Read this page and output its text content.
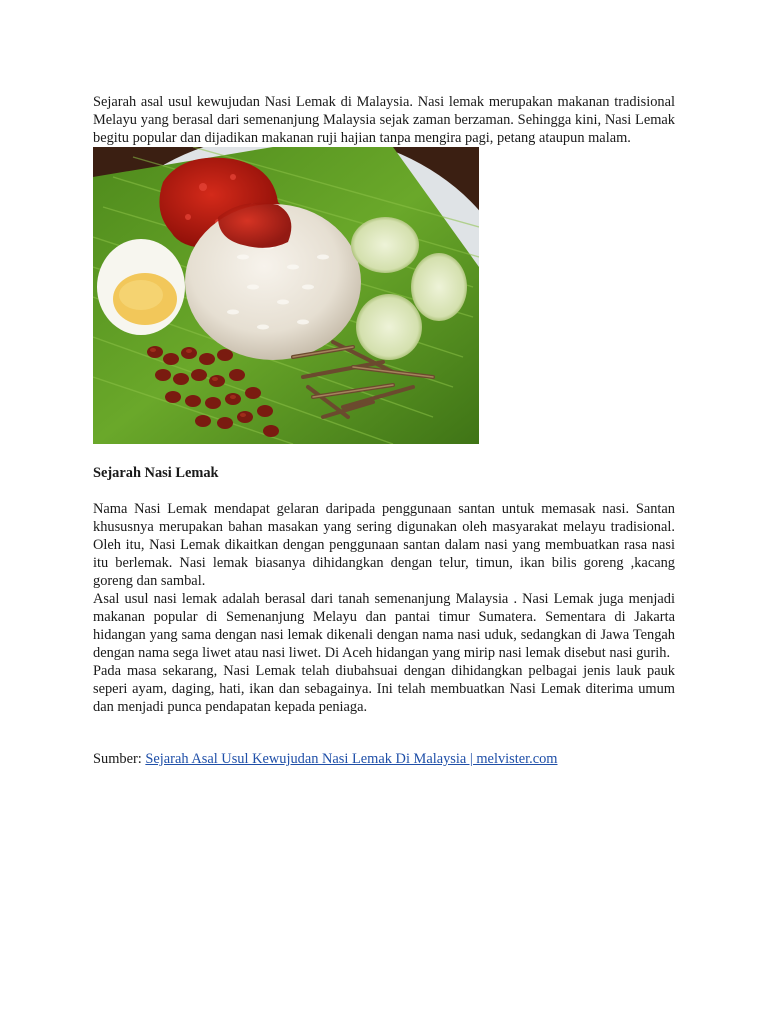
Sejarah asal usul kewujudan Nasi Lemak di Malaysia. Nasi lemak merupakan makanan tradisional Melayu yang berasal dari semenanjung Malaysia sejak zaman berzaman. Sehingga kini, Nasi Lemak begitu popular dan dijadikan makanan ruji hajian tanpa mengira pagi, petang ataupun malam.

Sejarah Nasi Lemak

Nama Nasi Lemak mendapat gelaran daripada penggunaan santan untuk memasak nasi. Santan khususnya merupakan bahan masakan yang sering digunakan oleh masyarakat melayu tradisional. Oleh itu, Nasi Lemak dikaitkan dengan penggunaan santan dalam nasi yang membuatkan rasa nasi itu berlemak. Nasi lemak biasanya dihidangkan dengan telur, timun, ikan bilis goreng ,kacang goreng dan sambal.

Asal usul nasi lemak adalah berasal dari tanah semenanjung Malaysia . Nasi Lemak juga menjadi makanan popular di Semenanjung Melayu dan pantai timur Sumatera. Sementara di Jakarta hidangan yang sama dengan nasi lemak dikenali dengan nama nasi uduk, sedangkan di Jawa Tengah dengan nama sega liwet atau nasi liwet. Di Aceh hidangan yang mirip nasi lemak disebut nasi gurih.

Pada masa sekarang, Nasi Lemak telah diubahsuai dengan dihidangkan pelbagai jenis lauk pauk seperi ayam, daging, hati, ikan dan sebagainya. Ini telah membuatkan Nasi Lemak diterima umum dan menjadi punca pendapatan kepada peniaga.

Sumber: Sejarah Asal Usul Kewujudan Nasi Lemak Di Malaysia | melvister.com
